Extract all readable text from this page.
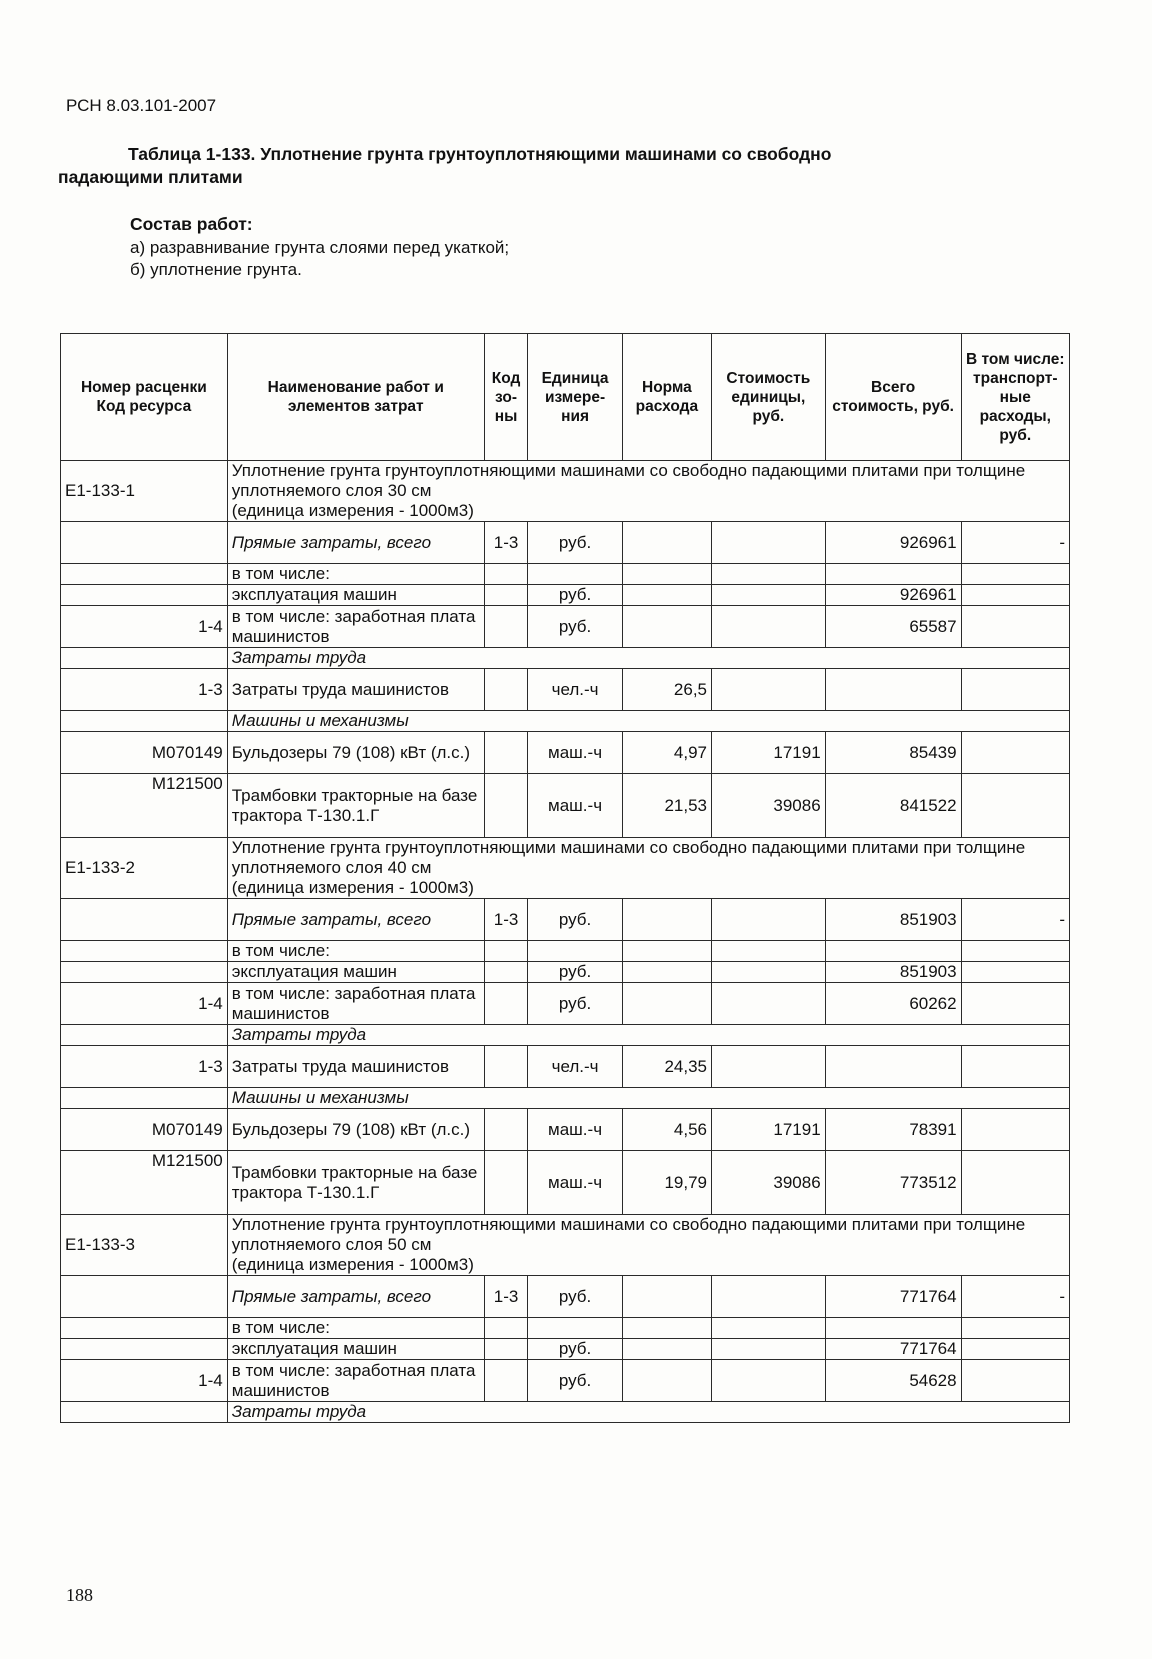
РСН 8.03.101-2007
Таблица 1-133. Уплотнение грунта грунтоуплотняющими машинами со свободно
падающими плитами
Состав работ:
а) разравнивание грунта слоями перед укаткой;
б) уплотнение грунта.
Номер расценки Код ресурса	Наименование работ и элементов затрат	Код зо-ны	Единица измере-ния	Норма расхода	Стоимость единицы, руб.	Всего стоимость, руб.	В том числе: транспорт-ные расходы, руб.
Е1-133-1	Уплотнение грунта грунтоуплотняющими машинами со свободно падающими плитами при толщине уплотняемого слоя 30 см
(единица измерения - 1000м3)						

	Прямые затраты, всего	1-3	руб.			926961	-
	в том числе:						
	эксплуатация машин		руб.			926961	
1-4	в том числе: заработная плата машинистов		руб.			65587	
	Затраты труда						
1-3	Затраты труда машинистов		чел.-ч	26,5			
	Машины и механизмы						
М070149	Бульдозеры 79 (108) кВт (л.с.)		маш.-ч	4,97	17191	85439	
М121500	Трамбовки тракторные на базе трактора Т-130.1.Г		маш.-ч	21,53	39086	841522	
Е1-133-2	Уплотнение грунта грунтоуплотняющими машинами со свободно падающими плитами при толщине уплотняемого слоя 40 см
(единица измерения - 1000м3)						

	Прямые затраты, всего	1-3	руб.			851903	-
	в том числе:						
	эксплуатация машин		руб.			851903	
1-4	в том числе: заработная плата машинистов		руб.			60262	
	Затраты труда						
1-3	Затраты труда машинистов		чел.-ч	24,35			
	Машины и механизмы						
М070149	Бульдозеры 79 (108) кВт (л.с.)		маш.-ч	4,56	17191	78391	
М121500	Трамбовки тракторные на базе трактора Т-130.1.Г		маш.-ч	19,79	39086	773512	
Е1-133-3	Уплотнение грунта грунтоуплотняющими машинами со свободно падающими плитами при толщине уплотняемого слоя 50 см
(единица измерения - 1000м3)						

	Прямые затраты, всего	1-3	руб.			771764	-
	в том числе:						
	эксплуатация машин		руб.			771764	
1-4	в том числе: заработная плата машинистов		руб.			54628	
	Затраты труда						
188
